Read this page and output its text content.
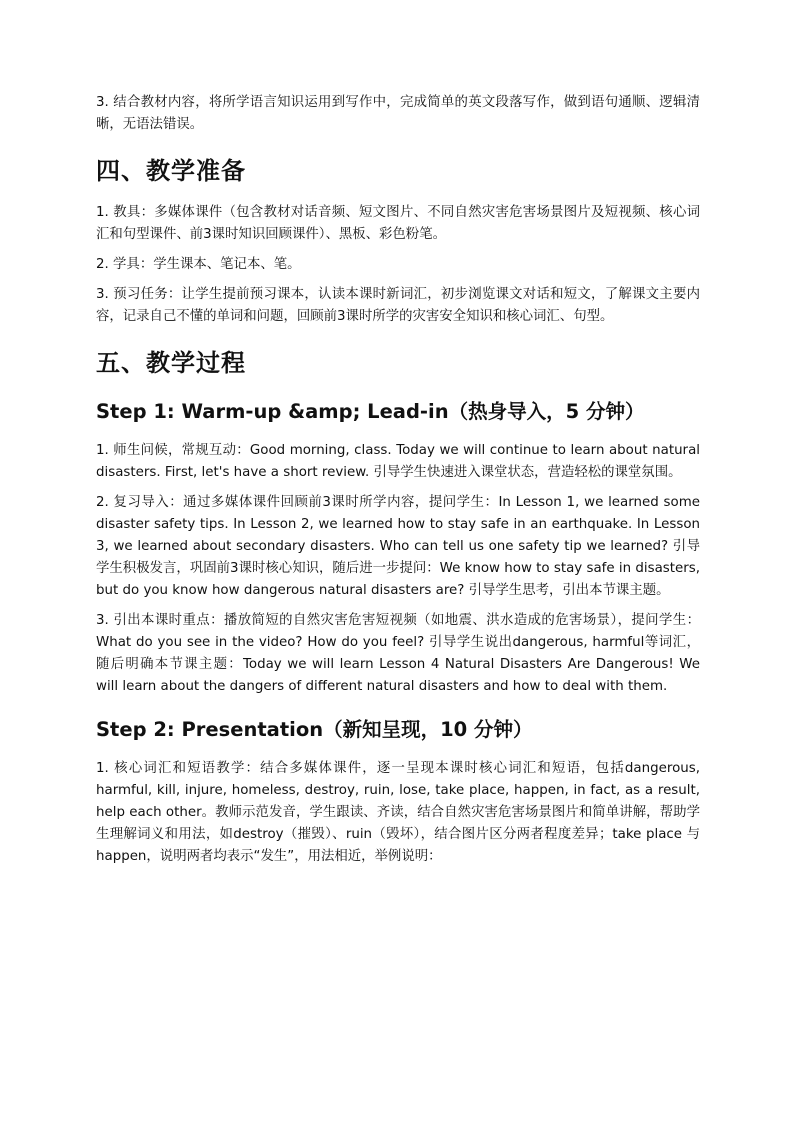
3. 结合教材内容，将所学语言知识运用到写作中，完成简单的英文段落写作，做到语句通顺、逻辑清晰，无语法错误。

四、教学准备

1. 教具：多媒体课件（包含教材对话音频、短文图片、不同自然灾害危害场景图片及短视频、核心词汇和句型课件、前3课时知识回顾课件）、黑板、彩色粉笔。

2. 学具：学生课本、笔记本、笔。

3. 预习任务：让学生提前预习课本，认读本课时新词汇，初步浏览课文对话和短文，了解课文主要内容，记录自己不懂的单词和问题，回顾前3课时所学的灾害安全知识和核心词汇、句型。

五、教学过程
Step 1: Warm-up &amp; Lead-in（热身导入，5 分钟）

1. 师生问候，常规互动：Good morning, class. Today we will continue to learn about natural disasters. First, let's have a short review. 引导学生快速进入课堂状态，营造轻松的课堂氛围。

2. 复习导入：通过多媒体课件回顾前3课时所学内容，提问学生：In Lesson 1, we learned some disaster safety tips. In Lesson 2, we learned how to stay safe in an earthquake. In Lesson 3, we learned about secondary disasters. Who can tell us one safety tip we learned? 引导学生积极发言，巩固前3课时核心知识，随后进一步提问：We know how to stay safe in disasters, but do you know how dangerous natural disasters are? 引导学生思考，引出本节课主题。

3. 引出本课时重点：播放简短的自然灾害危害短视频（如地震、洪水造成的危害场景），提问学生：What do you see in the video? How do you feel? 引导学生说出dangerous, harmful等词汇，随后明确本节课主题：Today we will learn Lesson 4 Natural Disasters Are Dangerous! We will learn about the dangers of different natural disasters and how to deal with them.

Step 2: Presentation（新知呈现，10 分钟）

1. 核心词汇和短语教学：结合多媒体课件，逐一呈现本课时核心词汇和短语，包括dangerous, harmful, kill, injure, homeless, destroy, ruin, lose, take place, happen, in fact, as a result, help each other。教师示范发音，学生跟读、齐读，结合自然灾害危害场景图片和简单讲解，帮助学生理解词义和用法，如destroy（摧毁）、ruin（毁坏），结合图片区分两者程度差异；take place 与 happen，说明两者均表示“发生”，用法相近，举例说明：
